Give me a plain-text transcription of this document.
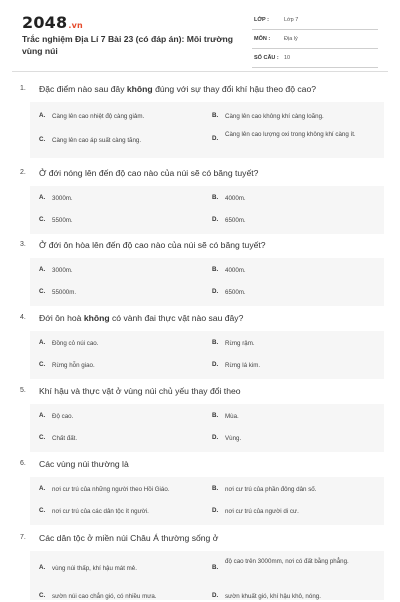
2048.vn
Trắc nghiệm Địa Lí 7 Bài 23 (có đáp án): Môi trường vùng núi
LỚP :	Lớp 7
MÔN :	Địa lý
SỐ CÂU : 10
1. Đặc điểm nào sau đây không đúng với sự thay đổi khí hậu theo độ cao?
A. Càng lên cao nhiệt độ càng giảm.	B. Càng lên cao không khí càng loãng.
C. Càng lên cao áp suất càng tăng.	D.
Càng lên cao lượng oxi trong không khí càng ít.
2. Ở đới nóng lên đến độ cao nào của núi sẽ có băng tuyết?
A. 3000m.	B. 4000m.
C. 5500m.	D. 6500m.
3. Ở đới ôn hòa lên đến độ cao nào của núi sẽ có băng tuyết?
A. 3000m.	B. 4000m.
C. 55000m.	D. 6500m.
4. Đới ôn hoà không có vành đai thực vật nào sau đây?
A. Đồng cỏ núi cao.	B. Rừng rậm.
C. Rừng hỗn giao.	D. Rừng lá kim.
5. Khí hậu và thực vật ở vùng núi chủ yếu thay đổi theo
A. Độ cao.	B. Mùa.
C. Chất đất.	D. Vùng.
6. Các vùng núi thường là
A. nơi cư trú của những người theo Hồi Giáo.	B. nơi cư trú của phần đông dân số.
C. nơi cư trú của các dân tộc ít người.	D. nơi cư trú của người di cư.
7. Các dân tộc ở miền núi Châu Á thường sống ở
A. vùng núi thấp, khí hậu mát mẻ.	B.
độ cao trên 3000mm, nơi có đất bằng phẳng.
C. sườn núi cao chắn gió, có nhiều mưa.	D. sườn khuất gió, khí hậu khô, nóng.
